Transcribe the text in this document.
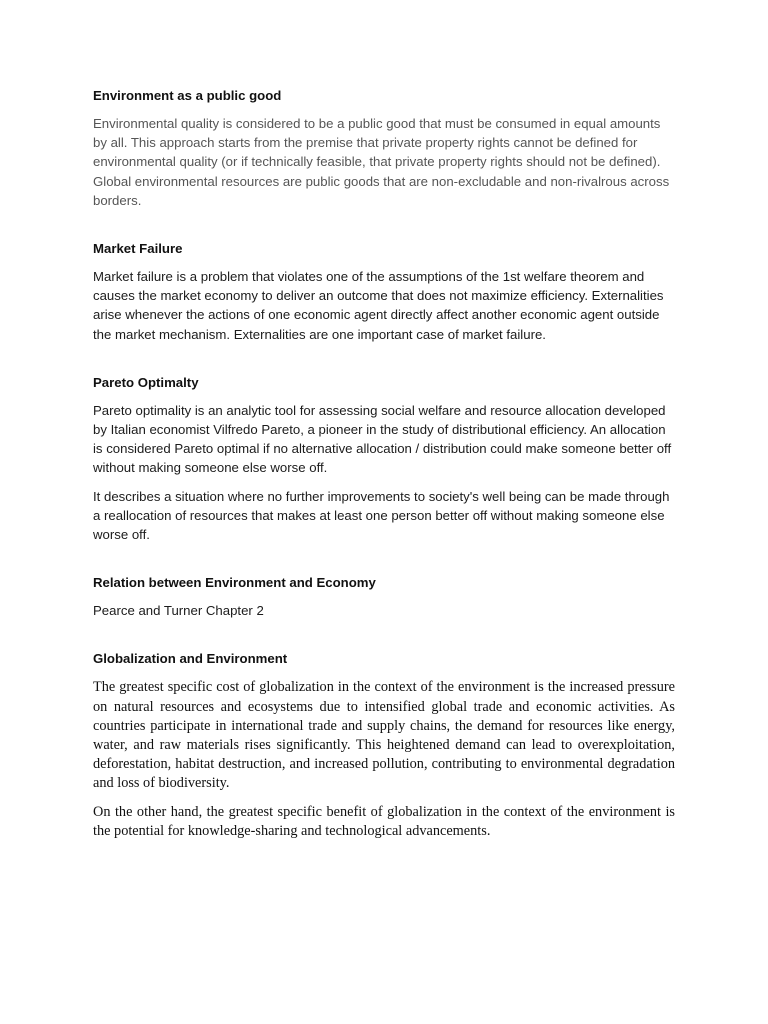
Environment as a public good

Environmental quality is considered to be a public good that must be consumed in equal amounts by all. This approach starts from the premise that private property rights cannot be defined for environmental quality (or if technically feasible, that private property rights should not be defined). Global environmental resources are public goods that are non-excludable and non-rivalrous across borders.

Market Failure

Market failure is a problem that violates one of the assumptions of the 1st welfare theorem and causes the market economy to deliver an outcome that does not maximize efficiency. Externalities arise whenever the actions of one economic agent directly affect another economic agent outside the market mechanism. Externalities are one important case of market failure.

Pareto Optimalty

Pareto optimality is an analytic tool for assessing social welfare and resource allocation developed by Italian economist Vilfredo Pareto, a pioneer in the study of distributional efficiency. An allocation is considered Pareto optimal if no alternative allocation / distribution could make someone better off without making someone else worse off.

It describes a situation where no further improvements to society's well being can be made through a reallocation of resources that makes at least one person better off without making someone else worse off.

Relation between Environment and Economy

Pearce and Turner Chapter 2

Globalization and Environment

The greatest specific cost of globalization in the context of the environment is the increased pressure on natural resources and ecosystems due to intensified global trade and economic activities. As countries participate in international trade and supply chains, the demand for resources like energy, water, and raw materials rises significantly. This heightened demand can lead to overexploitation, deforestation, habitat destruction, and increased pollution, contributing to environmental degradation and loss of biodiversity.

On the other hand, the greatest specific benefit of globalization in the context of the environment is the potential for knowledge-sharing and technological advancements.
